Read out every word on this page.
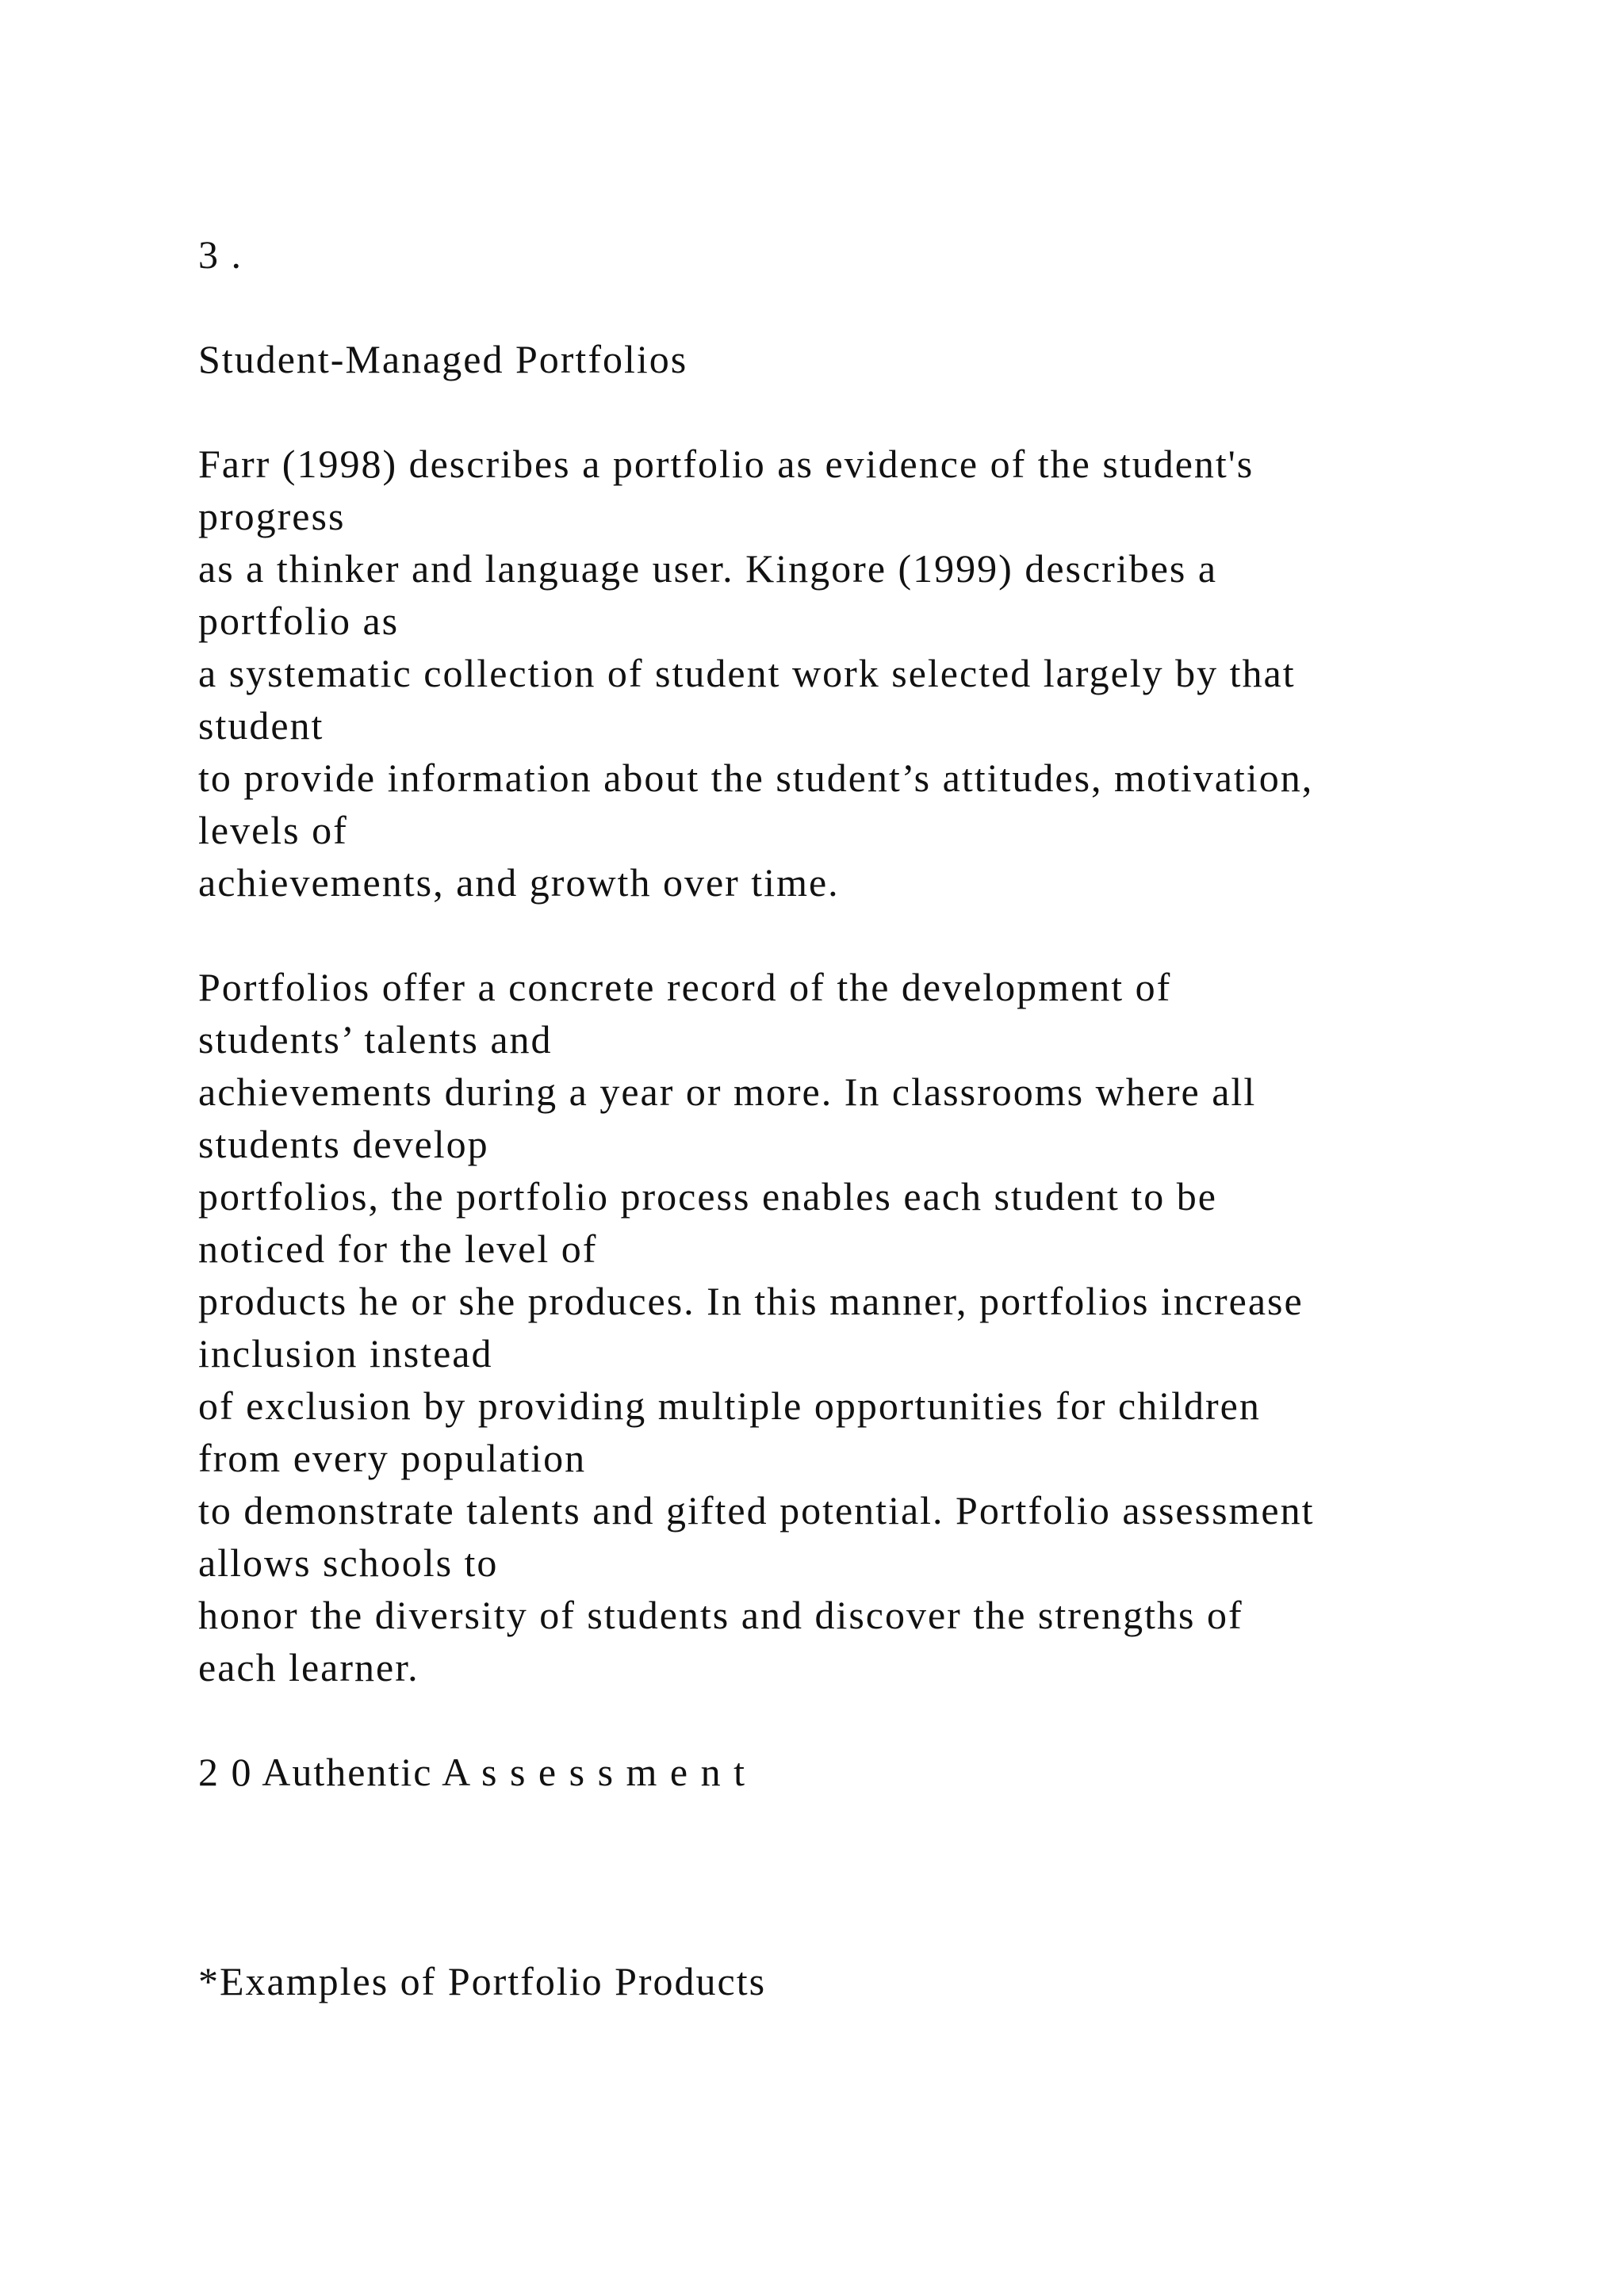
3 .
Student-Managed Portfolios
Farr (1998) describes a portfolio as evidence of the student's
progress
as a thinker and language user. Kingore (1999) describes a
portfolio as
a systematic collection of student work selected largely by that
student
to provide information about the student’s attitudes, motivation,
levels of
achievements, and growth over time.
Portfolios offer a concrete record of the development of
students’ talents and
achievements during a year or more. In classrooms where all
students develop
portfolios, the portfolio process enables each student to be
noticed for the level of
products he or she produces. In this manner, portfolios increase
inclusion instead
of exclusion by providing multiple opportunities for children
from every population
to demonstrate talents and gifted potential. Portfolio assessment
allows schools to
honor the diversity of students and discover the strengths of
each learner.
2 0 Authentic A s s e s s m e n t
*Examples of Portfolio Products
